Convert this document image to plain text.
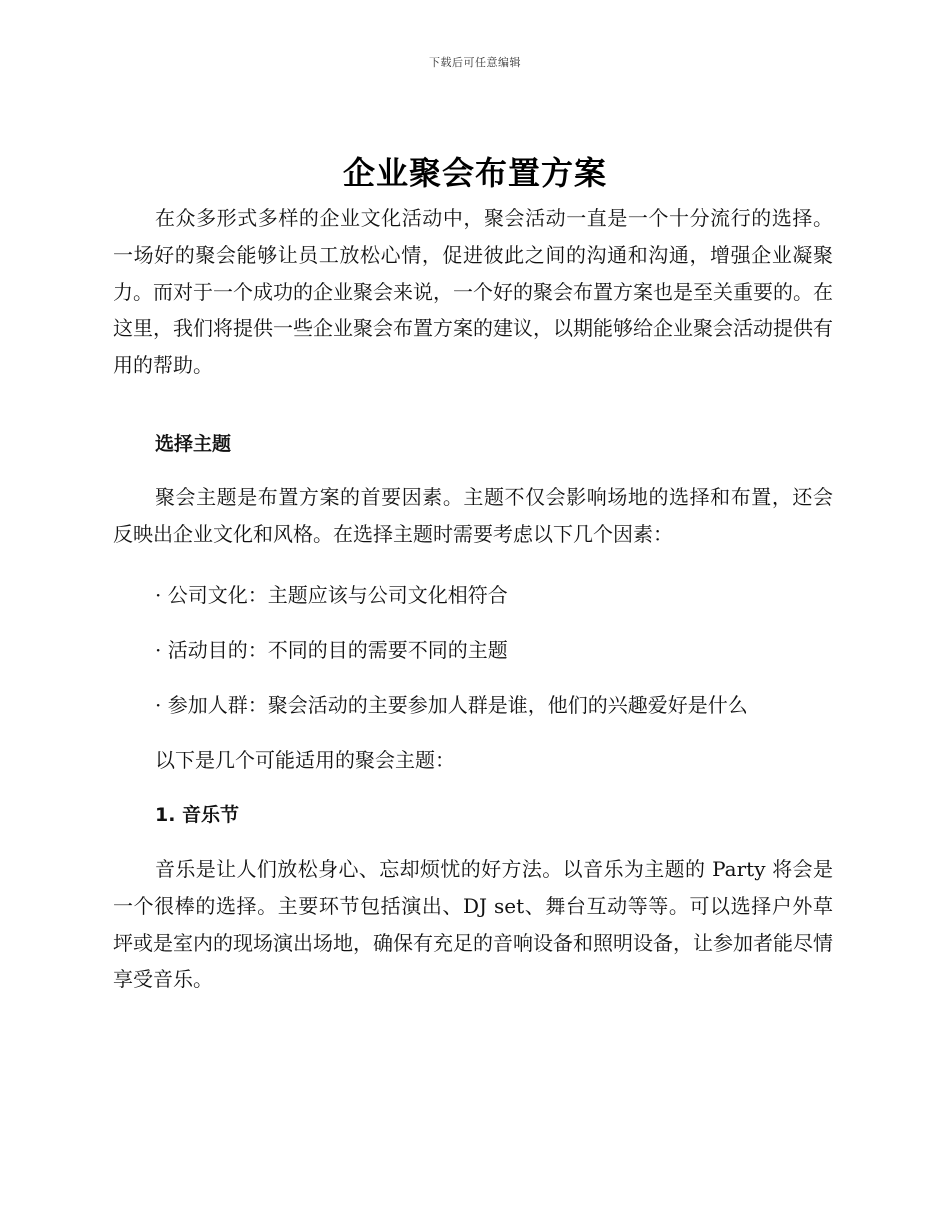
下载后可任意编辑
企业聚会布置方案

在众多形式多样的企业文化活动中，聚会活动一直是一个十分流行的选择。一场好的聚会能够让员工放松心情，促进彼此之间的沟通和沟通，增强企业凝聚力。而对于一个成功的企业聚会来说，一个好的聚会布置方案也是至关重要的。在这里，我们将提供一些企业聚会布置方案的建议，以期能够给企业聚会活动提供有用的帮助。

选择主题

聚会主题是布置方案的首要因素。主题不仅会影响场地的选择和布置，还会反映出企业文化和风格。在选择主题时需要考虑以下几个因素：

· 公司文化：主题应该与公司文化相符合

· 活动目的：不同的目的需要不同的主题

· 参加人群：聚会活动的主要参加人群是谁，他们的兴趣爱好是什么

以下是几个可能适用的聚会主题：

1. 音乐节

音乐是让人们放松身心、忘却烦忧的好方法。以音乐为主题的 Party 将会是一个很棒的选择。主要环节包括演出、DJ set、舞台互动等等。可以选择户外草坪或是室内的现场演出场地，确保有充足的音响设备和照明设备，让参加者能尽情享受音乐。
